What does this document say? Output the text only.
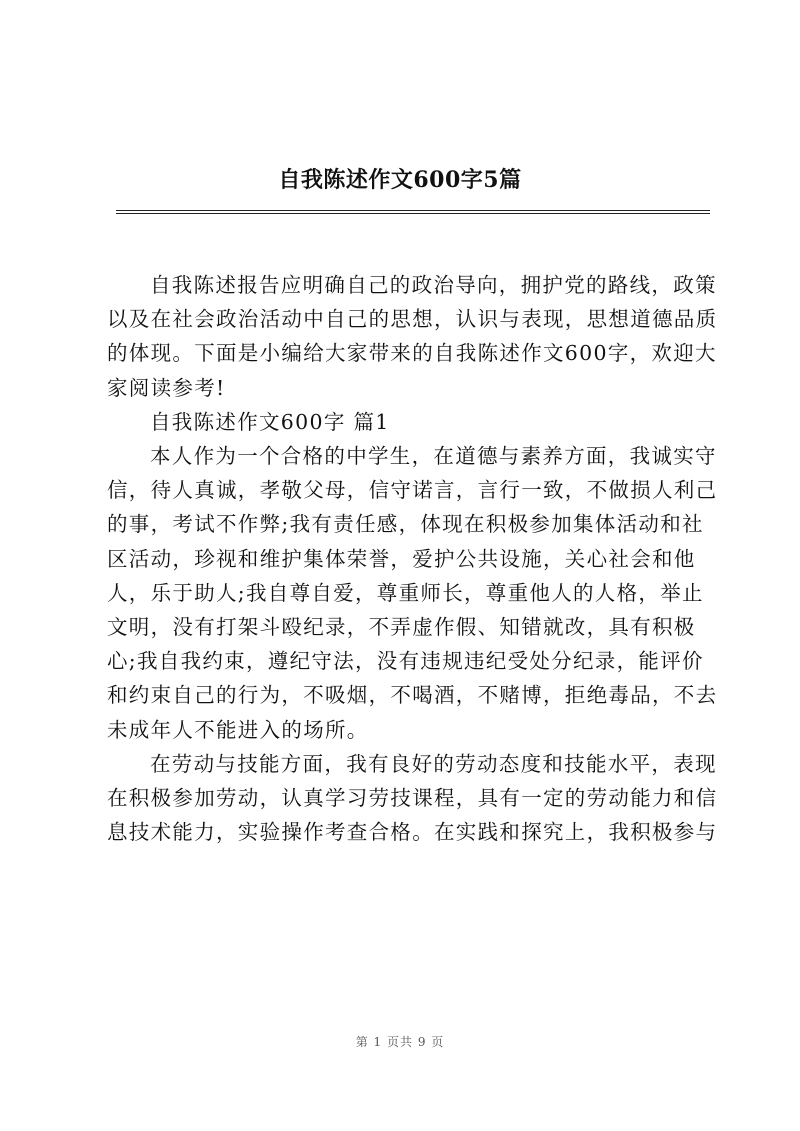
自我陈述作文600字5篇
自我陈述报告应明确自己的政治导向，拥护党的路线，政策
以及在社会政治活动中自己的思想，认识与表现，思想道德品质
的体现。下面是小编给大家带来的自我陈述作文600字，欢迎大
家阅读参考!
自我陈述作文600字 篇1
本人作为一个合格的中学生，在道德与素养方面，我诚实守
信，待人真诚，孝敬父母，信守诺言，言行一致，不做损人利己
的事，考试不作弊;我有责任感，体现在积极参加集体活动和社
区活动，珍视和维护集体荣誉，爱护公共设施，关心社会和他
人，乐于助人;我自尊自爱，尊重师长，尊重他人的人格，举止
文明，没有打架斗殴纪录，不弄虚作假、知错就改，具有积极
心;我自我约束，遵纪守法，没有违规违纪受处分纪录，能评价
和约束自己的行为，不吸烟，不喝酒，不赌博，拒绝毒品，不去
未成年人不能进入的场所。
在劳动与技能方面，我有良好的劳动态度和技能水平，表现
在积极参加劳动，认真学习劳技课程，具有一定的劳动能力和信
息技术能力，实验操作考查合格。在实践和探究上，我积极参与
第 1 页共 9 页
